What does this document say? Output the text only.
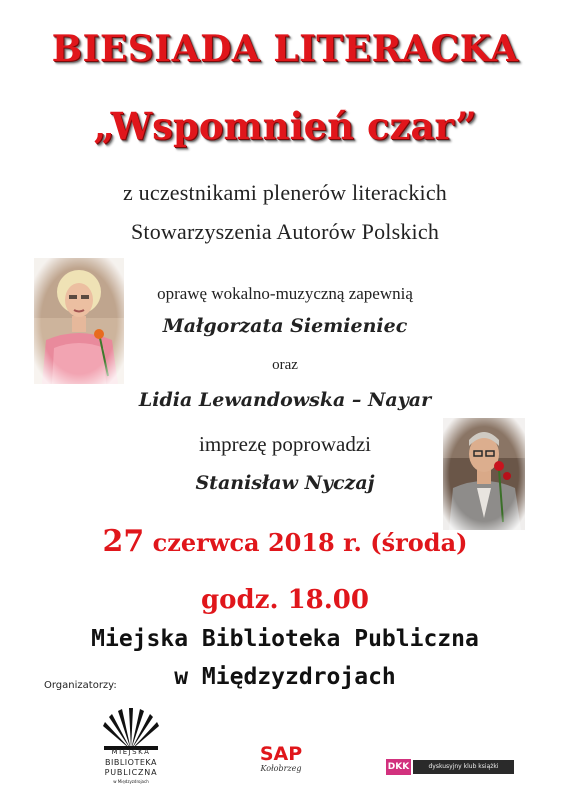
BIESIADA LITERACKA
„Wspomnień czar”
z uczestnikami plenerów literackich
Stowarzyszenia Autorów Polskich
oprawę wokalno-muzyczną zapewnią
Małgorzata Siemieniec
oraz
Lidia Lewandowska – Nayar
imprezę poprowadzi
Stanisław Nyczaj
27 czerwca 2018 r. (środa)
godz. 18.00
Miejska Biblioteka Publiczna
w Międzyzdrojach
Organizatorzy:
MIEJSKA
BIBLIOTEKA
PUBLICZNA
w Międzyzdrojach
SAP
Kołobrzeg	DKK	dyskusyjny klub książki
